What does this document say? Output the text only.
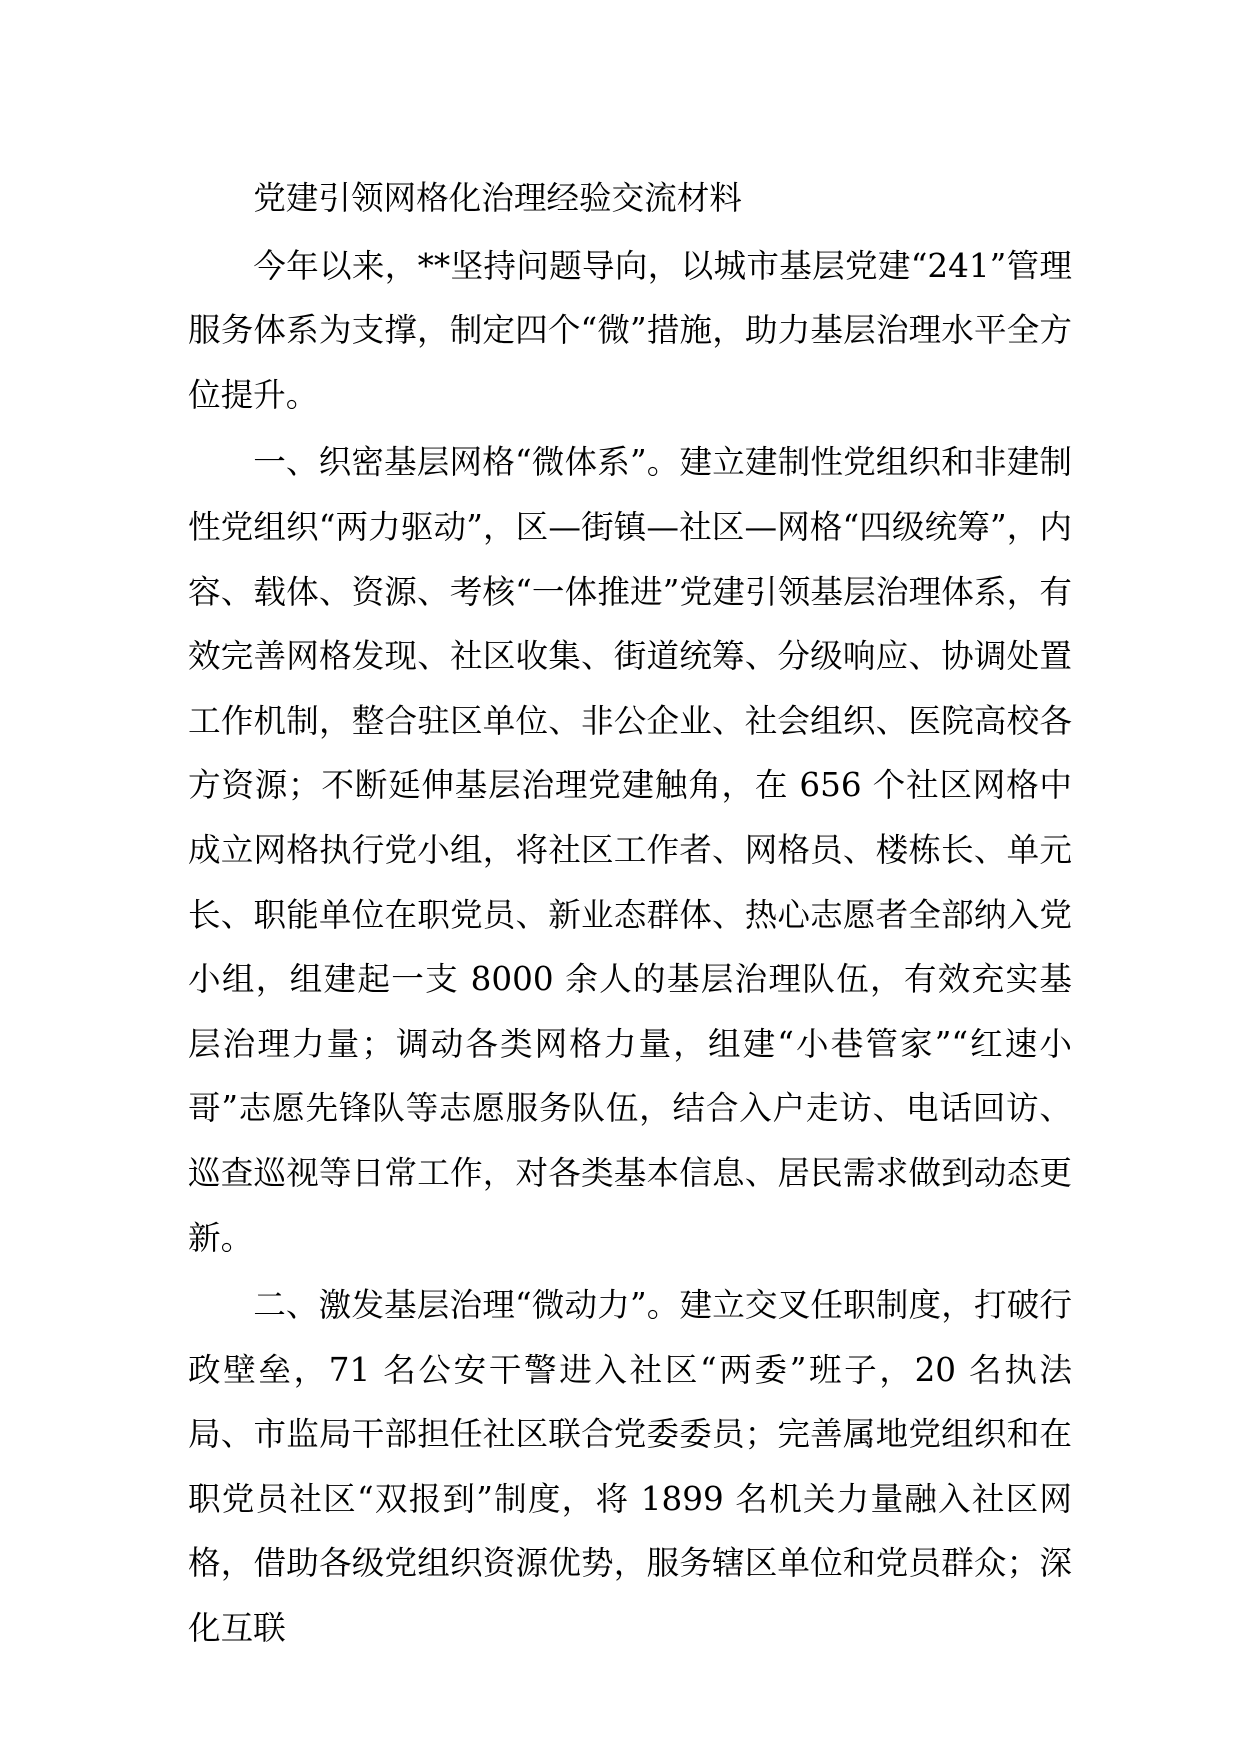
党建引领网格化治理经验交流材料

今年以来，**坚持问题导向，以城市基层党建“241”管理服务体系为支撑，制定四个“微”措施，助力基层治理水平全方位提升。

一、织密基层网格“微体系”。建立建制性党组织和非建制性党组织“两力驱动”，区—街镇—社区—网格“四级统筹”，内容、载体、资源、考核“一体推进”党建引领基层治理体系，有效完善网格发现、社区收集、街道统筹、分级响应、协调处置工作机制，整合驻区单位、非公企业、社会组织、医院高校各方资源；不断延伸基层治理党建触角，在 656 个社区网格中成立网格执行党小组，将社区工作者、网格员、楼栋长、单元长、职能单位在职党员、新业态群体、热心志愿者全部纳入党小组，组建起一支 8000 余人的基层治理队伍，有效充实基层治理力量；调动各类网格力量，组建“小巷管家”“红速小哥”志愿先锋队等志愿服务队伍，结合入户走访、电话回访、巡查巡视等日常工作，对各类基本信息、居民需求做到动态更新。

二、激发基层治理“微动力”。建立交叉任职制度，打破行政壁垒，71 名公安干警进入社区“两委”班子，20 名执法局、市监局干部担任社区联合党委委员；完善属地党组织和在职党员社区“双报到”制度，将 1899 名机关力量融入社区网格，借助各级党组织资源优势，服务辖区单位和党员群众；深化互联
